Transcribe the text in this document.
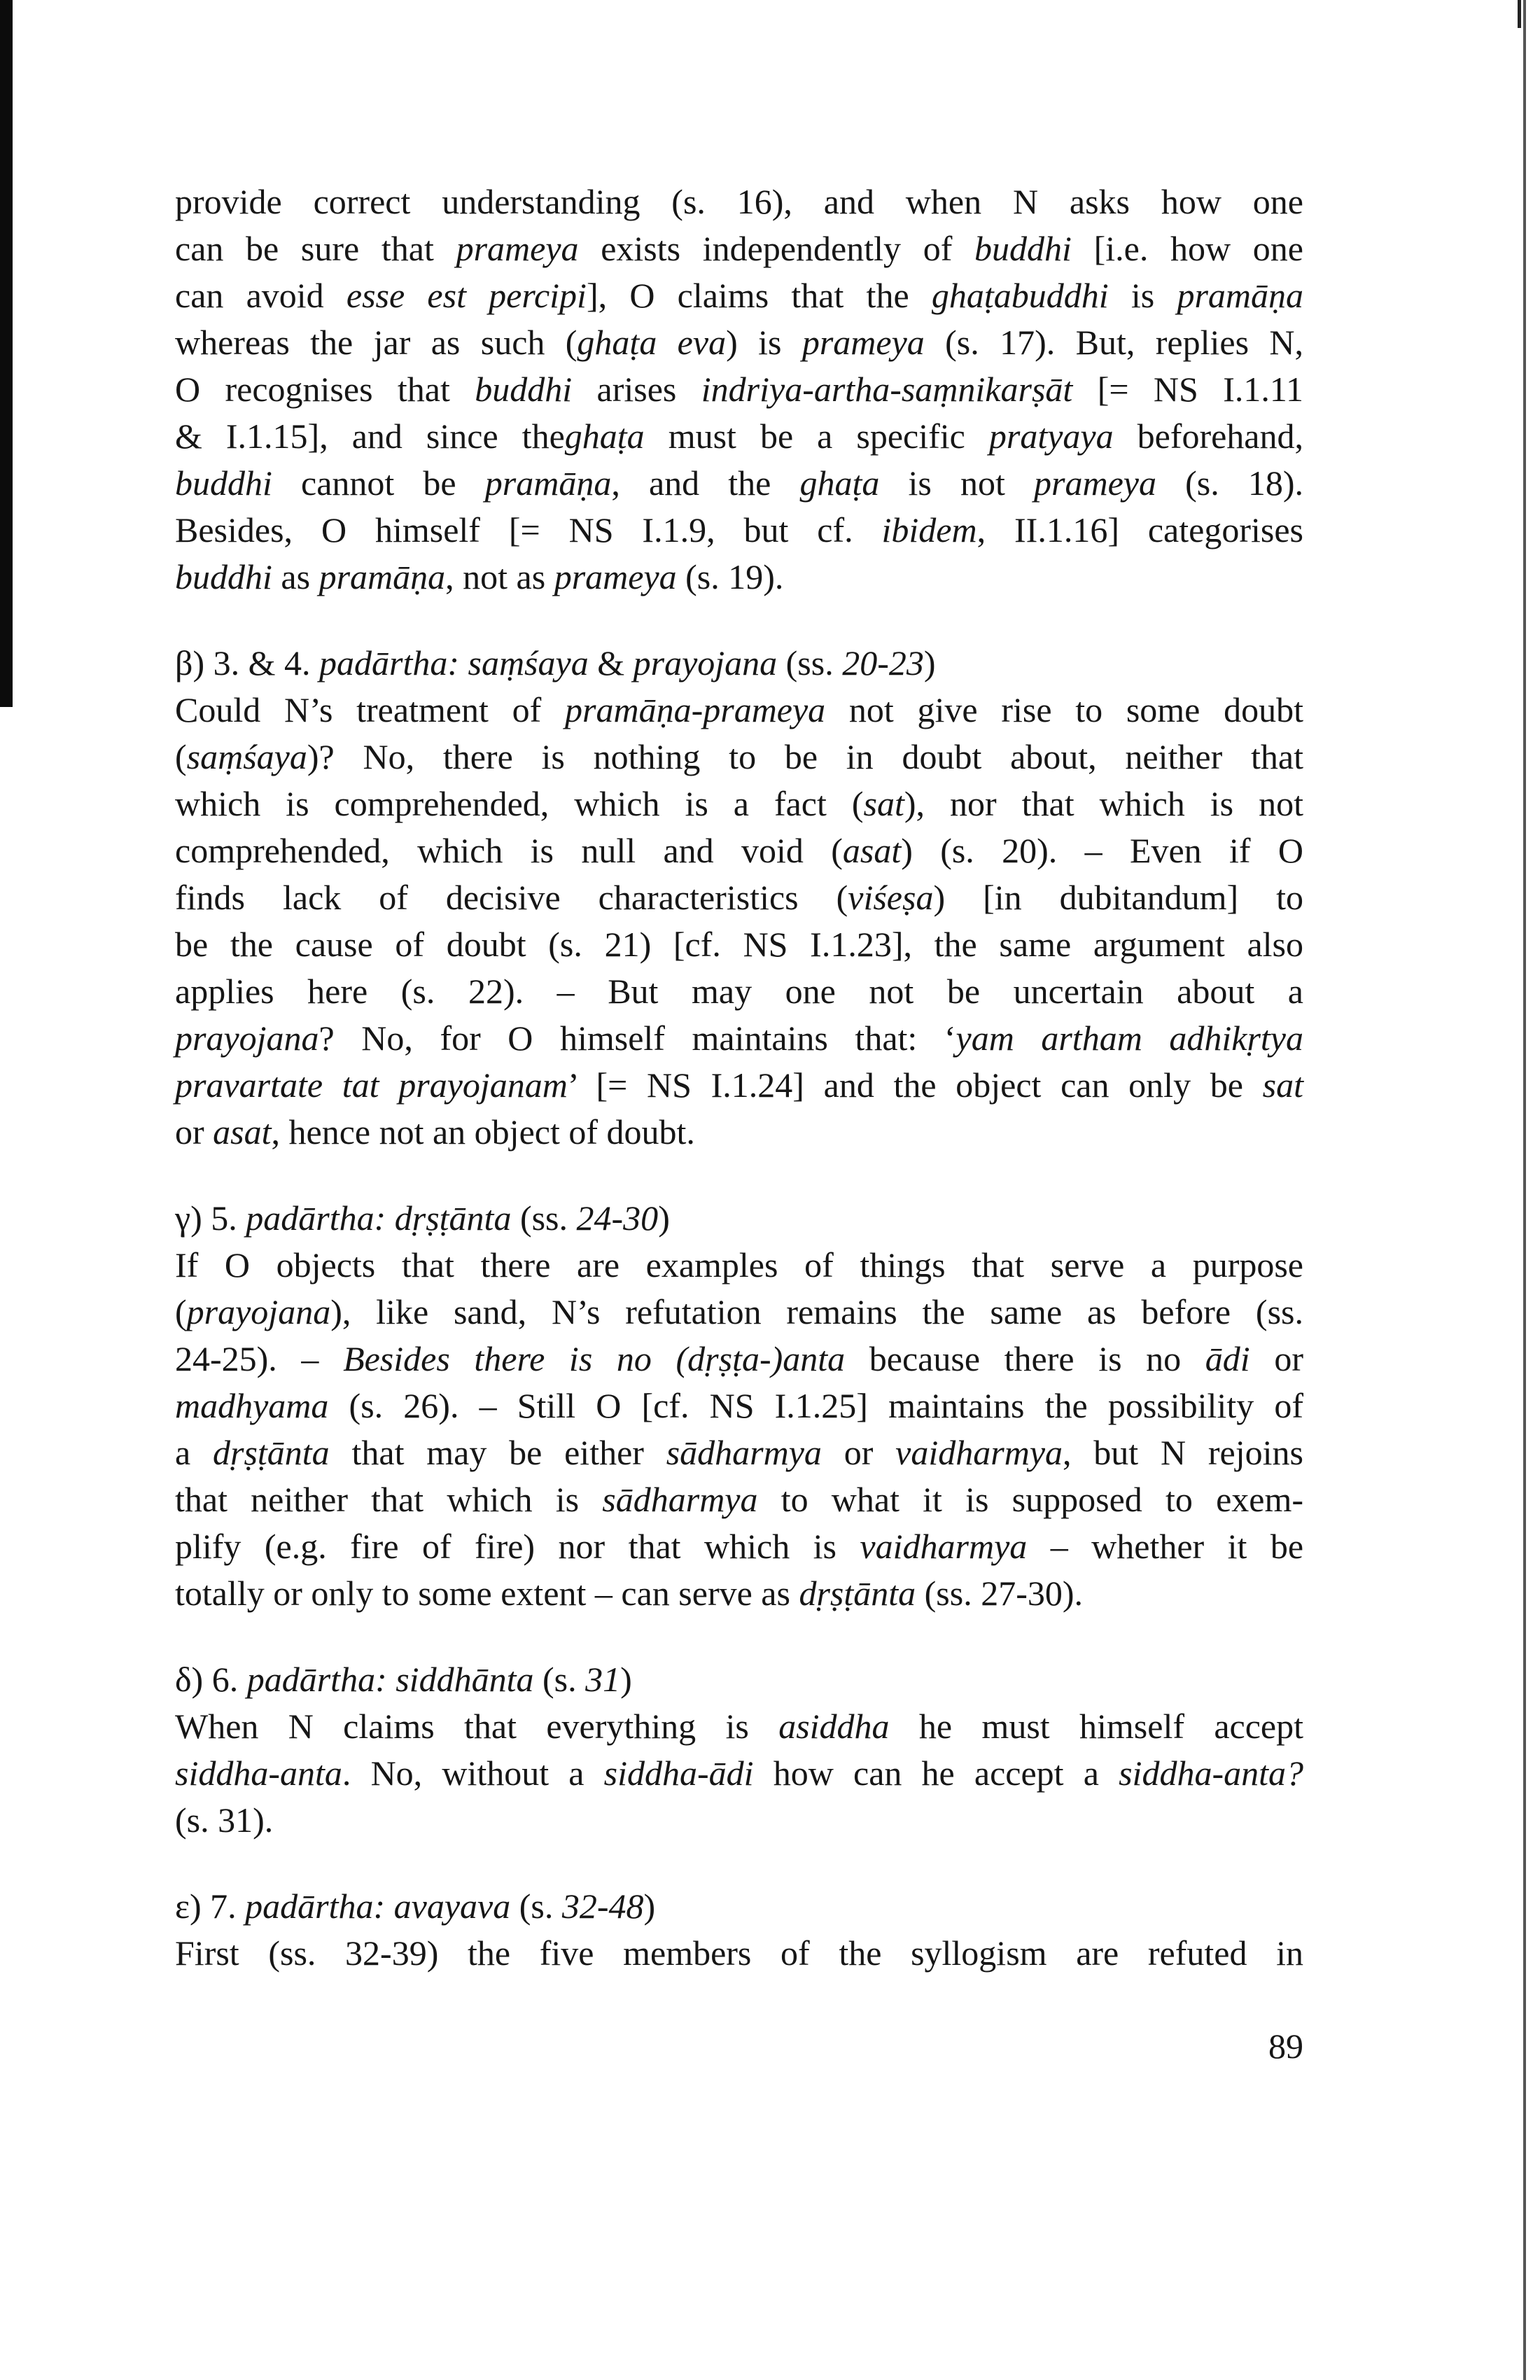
provide correct understanding (s. 16), and when N asks how one
can be sure that prameya exists independently of buddhi [i.e. how one
can avoid esse est percipi], O claims that the ghaṭabuddhi is pramāṇa
whereas the jar as such (ghaṭa eva) is prameya (s. 17). But, replies N,
O recognises that buddhi arises indriya-artha-saṃnikarṣāt [= NS I.1.11
& I.1.15], and since theghaṭa must be a specific pratyaya beforehand,
buddhi cannot be pramāṇa, and the ghaṭa is not prameya (s. 18).
Besides, O himself [= NS I.1.9, but cf. ibidem, II.1.16] categorises
buddhi as pramāṇa, not as prameya (s. 19).
β) 3. & 4. padārtha: saṃśaya & prayojana (ss. 20-23)
Could N’s treatment of pramāṇa-prameya not give rise to some doubt
(saṃśaya)? No, there is nothing to be in doubt about, neither that
which is comprehended, which is a fact (sat), nor that which is not
comprehended, which is null and void (asat) (s. 20). – Even if O
finds lack of decisive characteristics (viśeṣa) [in dubitandum] to
be the cause of doubt (s. 21) [cf. NS I.1.23], the same argument also
applies here (s. 22). – But may one not be uncertain about a
prayojana? No, for O himself maintains that: ‘yam artham adhikṛtya
pravartate tat prayojanam’ [= NS I.1.24] and the object can only be sat
or asat, hence not an object of doubt.
γ) 5. padārtha: dṛṣṭānta (ss. 24-30)
If O objects that there are examples of things that serve a purpose
(prayojana), like sand, N’s refutation remains the same as before (ss.
24-25). – Besides there is no (dṛṣṭa-)anta because there is no ādi or
madhyama (s. 26). – Still O [cf. NS I.1.25] maintains the possibility of
a dṛṣṭānta that may be either sādharmya or vaidharmya, but N rejoins
that neither that which is sādharmya to what it is supposed to exem-
plify (e.g. fire of fire) nor that which is vaidharmya – whether it be
totally or only to some extent – can serve as dṛṣṭānta (ss. 27-30).
δ) 6. padārtha: siddhānta (s. 31)
When N claims that everything is asiddha he must himself accept
siddha-anta. No, without a siddha-ādi how can he accept a siddha-anta?
(s. 31).
ε) 7. padārtha: avayava (s. 32-48)
First (ss. 32-39) the five members of the syllogism are refuted in
89
